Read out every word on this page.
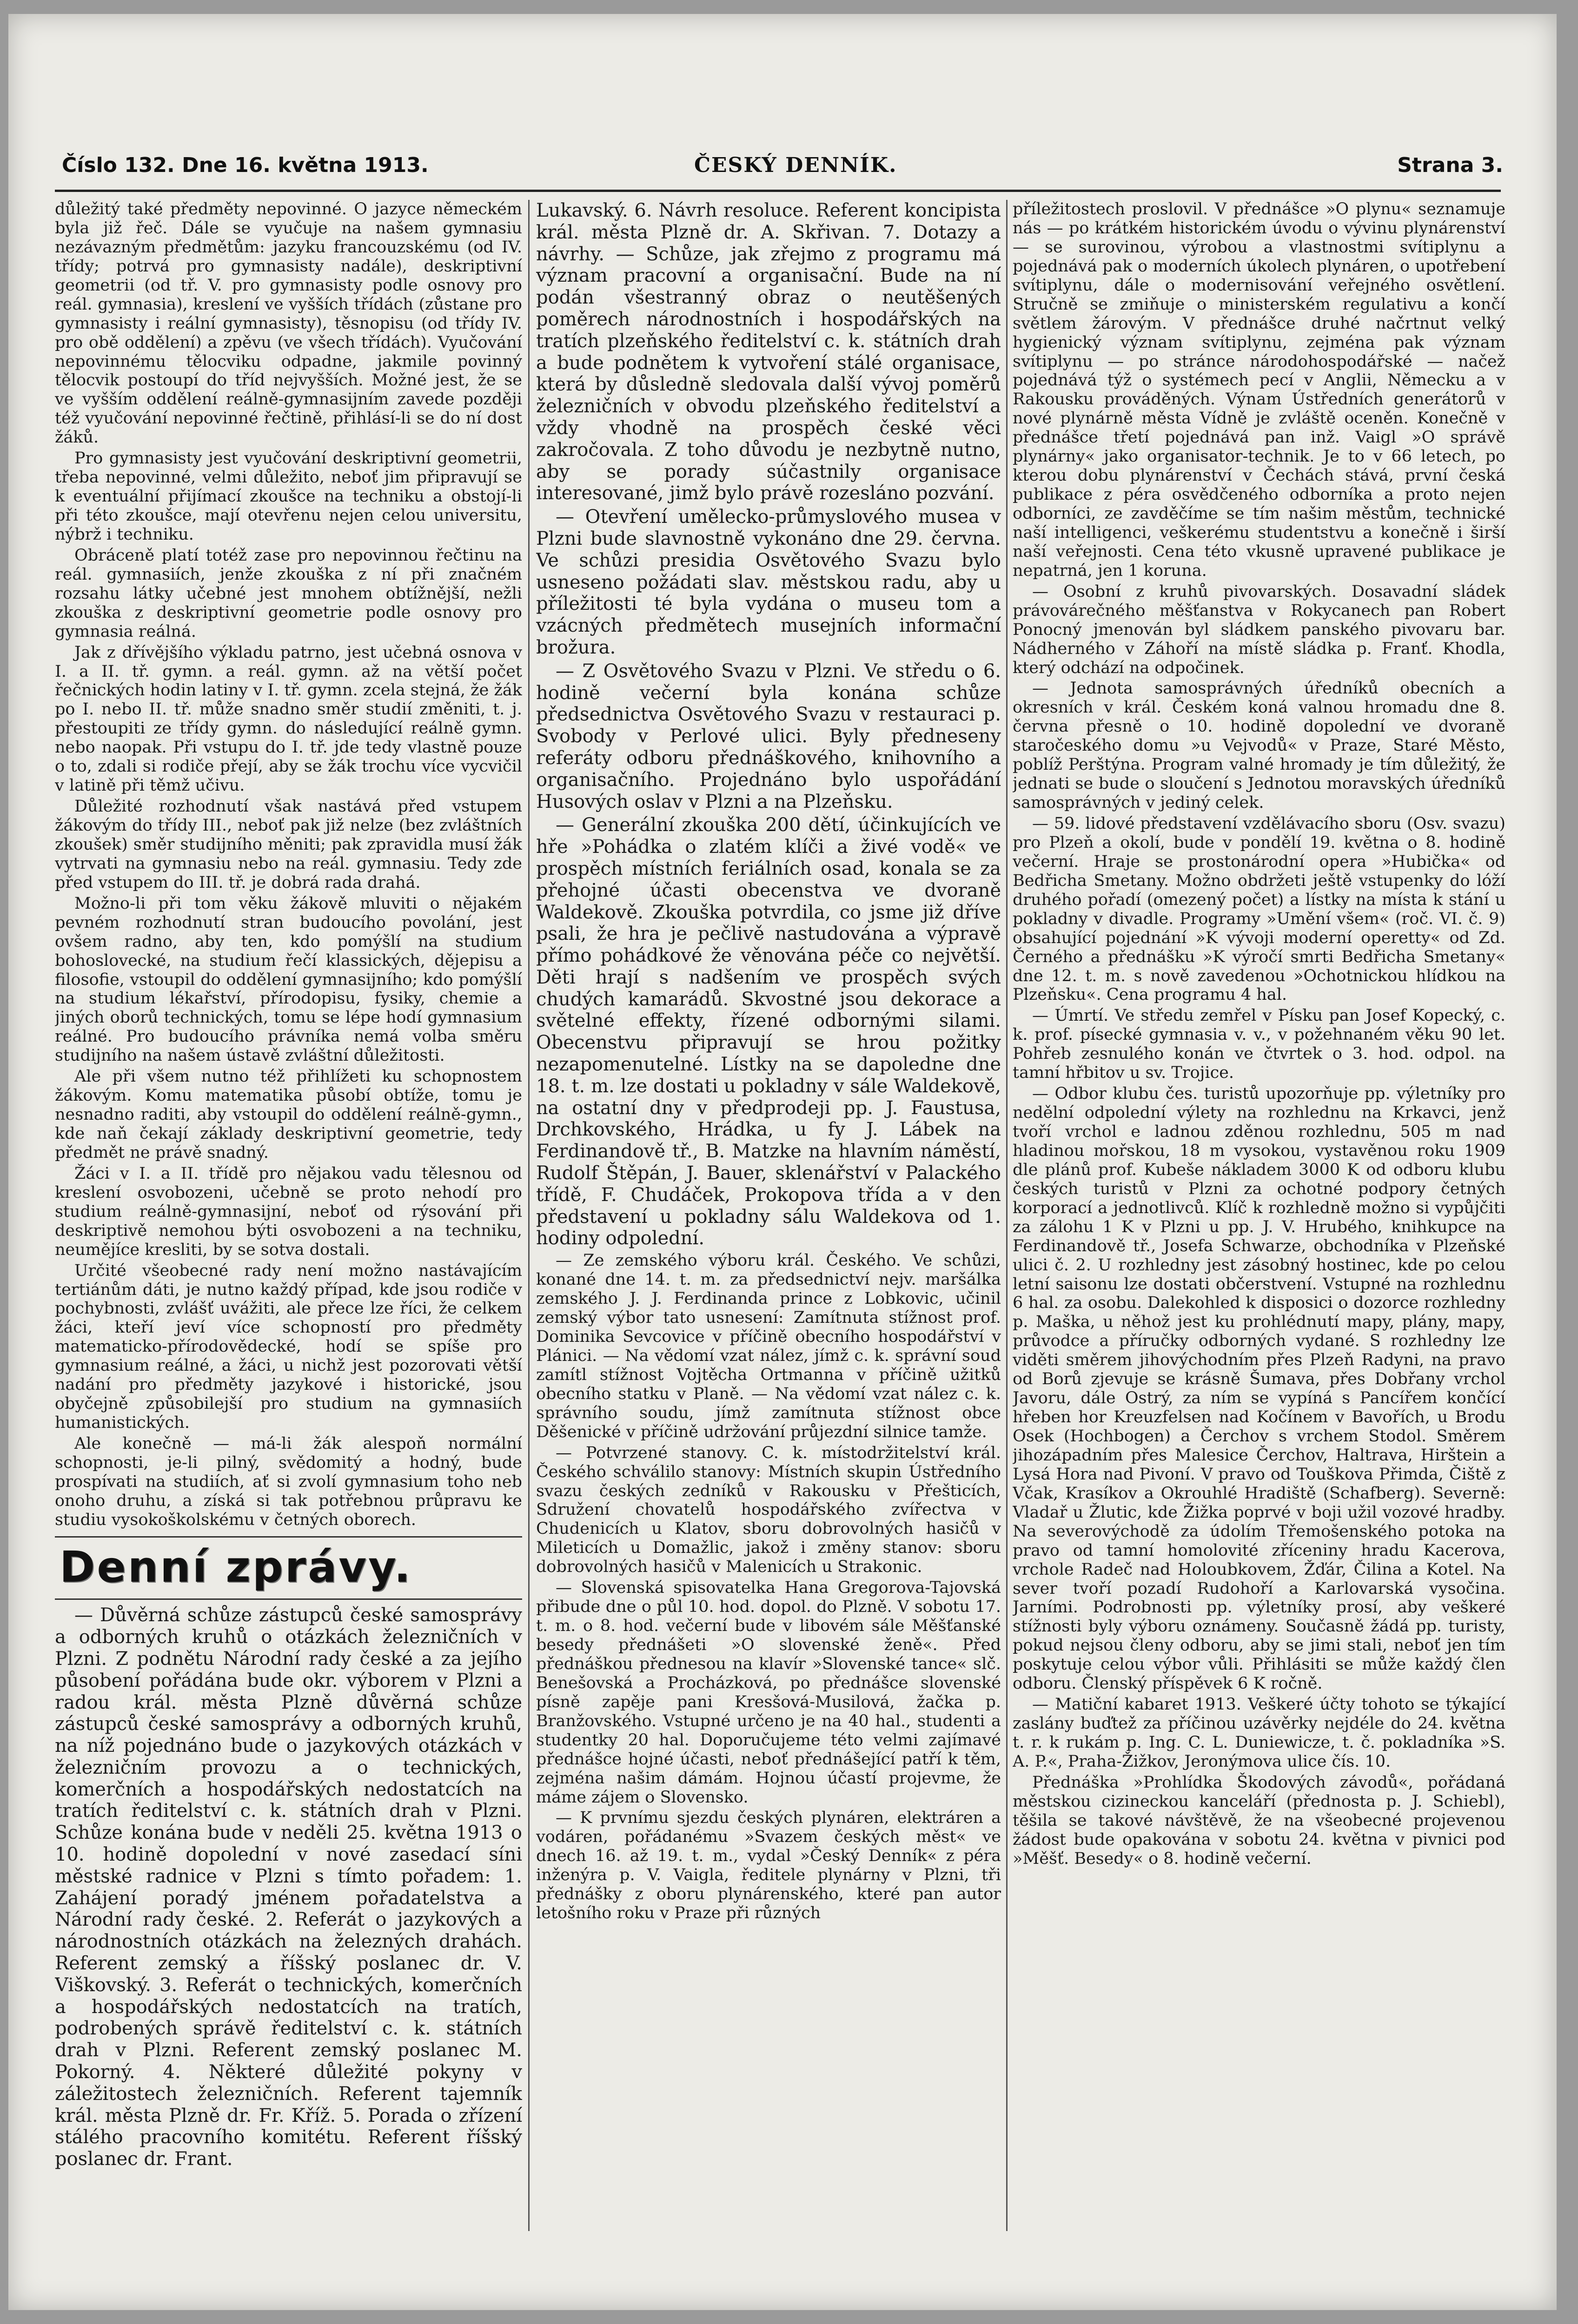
Číslo 132. Dne 16. května 1913.	ČESKÝ DENNÍK.	Strana 3.

důležitý také předměty nepovinné. O jazyce německém byla již řeč. Dále se vyučuje na našem gymnasiu nezávazným předmětům: jazyku francouzskému (od IV. třídy; potrvá pro gymnasisty nadále), deskriptivní geometrii (od tř. V. pro gymnasisty podle osnovy pro reál. gymnasia), kreslení ve vyšších třídách (zůstane pro gymnasisty i reální gymnasisty), těsnopisu (od třídy IV. pro obě oddělení) a zpěvu (ve všech třídách). Vyučování nepovinnému tělocviku odpadne, jakmile povinný tělocvik postoupí do tříd nejvyšších. Možné jest, že se ve vyšším oddělení reálně-gymnasijním zavede později též vyučování nepovinné řečtině, přihlásí-li se do ní dost žáků.

Pro gymnasisty jest vyučování deskriptivní geometrii, třeba nepovinné, velmi důležito, neboť jim připravují se k eventuální přijímací zkoušce na techniku a obstojí-li při této zkoušce, mají otevřenu nejen celou universitu, nýbrž i techniku.

Obráceně platí totéž zase pro nepovinnou řečtinu na reál. gymnasiích, jenže zkouška z ní při značném rozsahu látky učebné jest mnohem obtížnější, nežli zkouška z deskriptivní geometrie podle osnovy pro gymnasia reálná.

Jak z dřívějšího výkladu patrno, jest učebná osnova v I. a II. tř. gymn. a reál. gymn. až na větší počet řečnických hodin latiny v I. tř. gymn. zcela stejná, že žák po I. nebo II. tř. může snadno směr studií změniti, t. j. přestoupiti ze třídy gymn. do následující reálně gymn. nebo naopak. Při vstupu do I. tř. jde tedy vlastně pouze o to, zdali si rodiče přejí, aby se žák trochu více vycvičil v latině při těmž učivu.

Důležité rozhodnutí však nastává před vstupem žákovým do třídy III., neboť pak již nelze (bez zvláštních zkoušek) směr studijního měniti; pak zpravidla musí žák vytrvati na gymnasiu nebo na reál. gymnasiu. Tedy zde před vstupem do III. tř. je dobrá rada drahá.

Možno-li při tom věku žákově mluviti o nějakém pevném rozhodnutí stran budoucího povolání, jest ovšem radno, aby ten, kdo pomýšlí na studium bohoslovecké, na studium řečí klassických, dějepisu a filosofie, vstoupil do oddělení gymnasijního; kdo pomýšlí na studium lékařství, přírodopisu, fysiky, chemie a jiných oborů technických, tomu se lépe hodí gymnasium reálné. Pro budoucího právníka nemá volba směru studijního na našem ústavě zvláštní důležitosti.

Ale při všem nutno též přihlížeti ku schopnostem žákovým. Komu matematika působí obtíže, tomu je nesnadno raditi, aby vstoupil do oddělení reálně-gymn., kde naň čekají základy deskriptivní geometrie, tedy předmět ne právě snadný.

Žáci v I. a II. třídě pro nějakou vadu tělesnou od kreslení osvobozeni, učebně se proto nehodí pro studium reálně-gymnasijní, neboť od rýsování při deskriptivě nemohou býti osvobozeni a na techniku, neumějíce kresliti, by se sotva dostali.

Určité všeobecné rady není možno nastávajícím tertiánům dáti, je nutno každý případ, kde jsou rodiče v pochybnosti, zvlášť uvážiti, ale přece lze říci, že celkem žáci, kteří jeví více schopností pro předměty matematicko-přírodovědecké, hodí se spíše pro gymnasium reálné, a žáci, u nichž jest pozorovati větší nadání pro předměty jazykové i historické, jsou obyčejně způsobilejší pro studium na gymnasiích humanistických.

Ale konečně — má-li žák alespoň normální schopnosti, je-li pilný, svědomitý a hodný, bude prospívati na studiích, ať si zvolí gymnasium toho neb onoho druhu, a získá si tak potřebnou průpravu ke studiu vysokoškolskému v četných oborech.

Denní zprávy.

— Důvěrná schůze zástupců české samosprávy a odborných kruhů o otázkách železničních v Plzni. Z podnětu Národní rady české a za jejího působení pořádána bude okr. výborem v Plzni a radou král. města Plzně důvěrná schůze zástupců české samosprávy a odborných kruhů, na níž pojednáno bude o jazykových otázkách v železničním provozu a o technických, komerčních a hospodářských nedostatcích na tratích ředitelství c. k. státních drah v Plzni. Schůze konána bude v neděli 25. května 1913 o 10. hodině dopolední v nové zasedací síni městské radnice v Plzni s tímto pořadem: 1. Zahájení poradý jménem pořadatelstva a Národní rady české. 2. Referát o jazykových a národnostních otázkách na železných drahách. Referent zemský a říšský poslanec dr. V. Viškovský. 3. Referát o technických, komerčních a hospodářských nedostatcích na tratích, podrobených správě ředitelství c. k. státních drah v Plzni. Referent zemský poslanec M. Pokorný. 4. Některé důležité pokyny v záležitostech železničních. Referent tajemník král. města Plzně dr. Fr. Kříž. 5. Porada o zřízení stálého pracovního komitétu. Referent říšský poslanec dr. Frant.

Lukavský. 6. Návrh resoluce. Referent koncipista král. města Plzně dr. A. Skřivan. 7. Dotazy a návrhy. — Schůze, jak zřejmo z programu má význam pracovní a organisační. Bude na ní podán všestranný obraz o neutěšených poměrech národnostních i hospodářských na tratích plzeňského ředitelství c. k. státních drah a bude podnětem k vytvoření stálé organisace, která by důsledně sledovala další vývoj poměrů železničních v obvodu plzeňského ředitelství a vždy vhodně na prospěch české věci zakročovala. Z toho důvodu je nezbytně nutno, aby se porady súčastnily organisace interesované, jimž bylo právě rozesláno pozvání.

— Otevření umělecko-průmyslového musea v Plzni bude slavnostně vykonáno dne 29. června. Ve schůzi presidia Osvětového Svazu bylo usneseno požádati slav. městskou radu, aby u příležitosti té byla vydána o museu tom a vzácných předmětech musejních informační brožura.

— Z Osvětového Svazu v Plzni. Ve středu o 6. hodině večerní byla konána schůze předsednictva Osvětového Svazu v restauraci p. Svobody v Perlové ulici. Byly předneseny referáty odboru přednáškového, knihovního a organisačního. Projednáno bylo uspořádání Husových oslav v Plzni a na Plzeňsku.

— Generální zkouška 200 dětí, účinkujících ve hře »Pohádka o zlatém klíči a živé vodě« ve prospěch místních feriálních osad, konala se za přehojné účasti obecenstva ve dvoraně Waldekově. Zkouška potvrdila, co jsme již dříve psali, že hra je pečlivě nastudována a výpravě přímo pohádkové že věnována péče co největší. Děti hrají s nadšením ve prospěch svých chudých kamarádů. Skvostné jsou dekorace a světelné effekty, řízené odbornými silami. Obecenstvu připravují se hrou požitky nezapomenutelné. Lístky na se dapoledne dne 18. t. m. lze dostati u pokladny v sále Waldekově, na ostatní dny v předprodeji pp. J. Faustusa, Drchkovského, Hrádka, u fy J. Lábek na Ferdinandově tř., B. Matzke na hlavním náměstí, Rudolf Štěpán, J. Bauer, sklenářství v Palackého třídě, F. Chudáček, Prokopova třída a v den představení u pokladny sálu Waldekova od 1. hodiny odpolední.

— Ze zemského výboru král. Českého. Ve schůzi, konané dne 14. t. m. za předsednictví nejv. maršálka zemského J. J. Ferdinanda prince z Lobkovic, učinil zemský výbor tato usnesení: Zamítnuta stížnost prof. Dominika Sevcovice v příčině obecního hospodářství v Plánici. — Na vědomí vzat nález, jímž c. k. správní soud zamítl stížnost Vojtěcha Ortmanna v příčině užitků obecního statku v Planě. — Na vědomí vzat nález c. k. správního soudu, jímž zamítnuta stížnost obce Děšenické v příčině udržování průjezdní silnice tamže.

— Potvrzené stanovy. C. k. místodržitelství král. Českého schválilo stanovy: Místních skupin Ústředního svazu českých zedníků v Rakousku v Přešticích, Sdružení chovatelů hospodářského zvířectva v Chudenicích u Klatov, sboru dobrovolných hasičů v Mileticích u Domažlic, jakož i změny stanov: sboru dobrovolných hasičů v Malenicích u Strakonic.

— Slovenská spisovatelka Hana Gregorova-Tajovská přibude dne o půl 10. hod. dopol. do Plzně. V sobotu 17. t. m. o 8. hod. večerní bude v libovém sále Měšťanské besedy přednášeti »O slovenské ženě«. Před přednáškou přednesou na klavír »Slovenské tance« slč. Benešovská a Procházková, po přednášce slovenské písně zapěje pani Kresšová-Musilová, žačka p. Branžovského. Vstupné určeno je na 40 hal., studenti a studentky 20 hal. Doporučujeme této velmi zajímavé přednášce hojné účasti, neboť přednášející patří k těm, zejména našim dámám. Hojnou účastí projevme, že máme zájem o Slovensko.

— K prvnímu sjezdu českých plynáren, elektráren a vodáren, pořádanému »Svazem českých měst« ve dnech 16. až 19. t. m., vydal »Český Denník« z péra inženýra p. V. Vaigla, ředitele plynárny v Plzni, tři přednášky z oboru plynárenského, které pan autor letošního roku v Praze při různých

příležitostech proslovil. V přednášce »O plynu« seznamuje nás — po krátkém historickém úvodu o vývinu plynárenství — se surovinou, výrobou a vlastnostmi svítiplynu a pojednává pak o moderních úkolech plynáren, o upotřebení svítiplynu, dále o modernisování veřejného osvětlení. Stručně se zmiňuje o ministerském regulativu a končí světlem žárovým. V přednášce druhé načrtnut velký hygienický význam svítiplynu, zejména pak význam svítiplynu — po stránce národohospodářské — načež pojednává týž o systémech pecí v Anglii, Německu a v Rakousku prováděných. Výnam Ústředních generátorů v nové plynárně města Vídně je zvláště oceněn. Konečně v přednášce třetí pojednává pan inž. Vaigl »O správě plynárny« jako organisator-technik. Je to v 66 letech, po kterou dobu plynárenství v Čechách stává, první česká publikace z péra osvědčeného odborníka a proto nejen odborníci, ze zavděčíme se tím našim městům, technické naší intelligenci, veškerému studentstvu a konečně i širší naší veřejnosti. Cena této vkusně upravené publikace je nepatrná, jen 1 koruna.

— Osobní z kruhů pivovarských. Dosavadní sládek právovárečného měšťanstva v Rokycanech pan Robert Ponocný jmenován byl sládkem panského pivovaru bar. Nádherného v Záhoří na místě sládka p. Franť. Khodla, který odchází na odpočinek.

— Jednota samosprávných úředníků obecních a okresních v král. Českém koná valnou hromadu dne 8. června přesně o 10. hodině dopolední ve dvoraně staročeského domu »u Vejvodů« v Praze, Staré Město, poblíž Perštýna. Program valné hromady je tím důležitý, že jednati se bude o sloučení s Jednotou moravských úředníků samosprávných v jediný celek.

— 59. lidové představení vzdělávacího sboru (Osv. svazu) pro Plzeň a okolí, bude v pondělí 19. května o 8. hodině večerní. Hraje se prostonárodní opera »Hubička« od Bedřicha Smetany. Možno obdržeti ještě vstupenky do lóží druhého pořadí (omezený počet) a lístky na místa k stání u pokladny v divadle. Programy »Umění všem« (roč. VI. č. 9) obsahující pojednání »K vývoji moderní operetty« od Zd. Černého a přednášku »K výročí smrti Bedřicha Smetany« dne 12. t. m. s nově zavedenou »Ochotnickou hlídkou na Plzeňsku«. Cena programu 4 hal.

— Úmrtí. Ve středu zemřel v Písku pan Josef Kopecký, c. k. prof. písecké gymnasia v. v., v požehnaném věku 90 let. Pohřeb zesnulého konán ve čtvrtek o 3. hod. odpol. na tamní hřbitov u sv. Trojice.

— Odbor klubu čes. turistů upozorňuje pp. výletníky pro nedělní odpolední výlety na rozhlednu na Krkavci, jenž tvoří vrchol e ladnou zděnou rozhlednu, 505 m nad hladinou mořskou, 18 m vysokou, vystavěnou roku 1909 dle plánů prof. Kubeše nákladem 3000 K od odboru klubu českých turistů v Plzni za ochotné podpory četných korporací a jednotlivců. Klíč k rozhledně možno si vypůjčiti za zálohu 1 K v Plzni u pp. J. V. Hrubého, knihkupce na Ferdinandově tř., Josefa Schwarze, obchodníka v Plzeňské ulici č. 2. U rozhledny jest zásobný hostinec, kde po celou letní saisonu lze dostati občerstvení. Vstupné na rozhlednu 6 hal. za osobu. Dalekohled k disposici o dozorce rozhledny p. Maška, u něhož jest ku prohlédnutí mapy, plány, mapy, průvodce a příručky odborných vydané. S rozhledny lze viděti směrem jihovýchodním přes Plzeň Radyni, na pravo od Borů zjevuje se krásně Šumava, přes Dobřany vrchol Javoru, dále Ostrý, za ním se vypíná s Pancířem končící hřeben hor Kreuzfelsen nad Kočínem v Bavořích, u Brodu Osek (Hochbogen) a Čerchov s vrchem Stodol. Směrem jihozápadním přes Malesice Čerchov, Haltrava, Hirštein a Lysá Hora nad Pivoní. V pravo od Touškova Přimda, Čiště z Včak, Krasíkov a Okrouhlé Hradiště (Schafberg). Severně: Vladař u Žlutic, kde Žižka poprvé v boji užil vozové hradby. Na severovýchodě za údolím Třemošenského potoka na pravo od tamní homolovité zříceniny hradu Kacerova, vrchole Radeč nad Holoubkovem, Žďár, Čilina a Kotel. Na sever tvoří pozadí Rudohoří a Karlovarská vysočina. Jarními. Podrobnosti pp. výletníky prosí, aby veškeré stížnosti byly výboru oznámeny. Současně žádá pp. turisty, pokud nejsou členy odboru, aby se jimi stali, neboť jen tím poskytuje celou výbor vůli. Přihlásiti se může každý člen odboru. Členský příspěvek 6 K ročně.

— Matiční kabaret 1913. Veškeré účty tohoto se týkající zaslány buďtež za příčinou uzávěrky nejdéle do 24. května t. r. k rukám p. Ing. C. L. Duniewicze, t. č. pokladníka »S. A. P.«, Praha-Žižkov, Jeronýmova ulice čís. 10.

Přednáška »Prohlídka Škodových závodů«, pořádaná městskou cizineckou kanceláří (přednosta p. J. Schiebl), těšila se takové návštěvě, že na všeobecné projevenou žádost bude opakována v sobotu 24. května v pivnici pod »Měšť. Besedy« o 8. hodině večerní.
